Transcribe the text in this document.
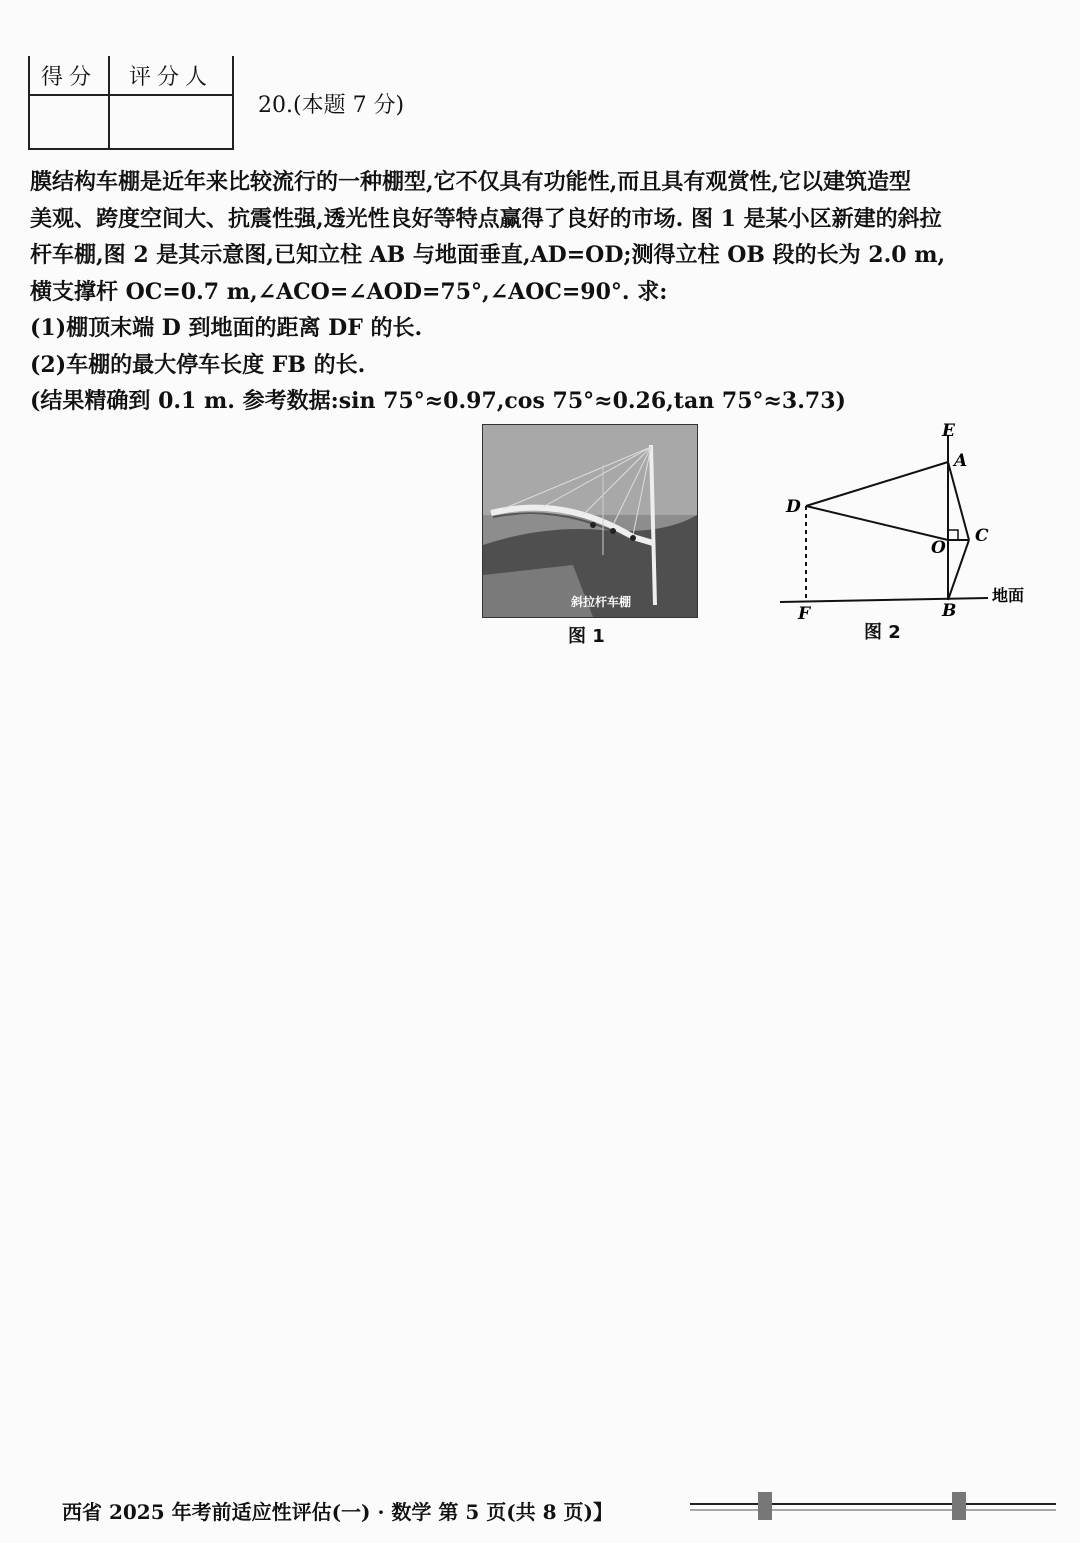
得分	评分人

20.(本题 7 分)

膜结构车棚是近年来比较流行的一种棚型,它不仅具有功能性,而且具有观赏性,它以建筑造型

美观、跨度空间大、抗震性强,透光性良好等特点赢得了良好的市场. 图 1 是某小区新建的斜拉

杆车棚,图 2 是其示意图,已知立柱 AB 与地面垂直,AD=OD;测得立柱 OB 段的长为 2.0 m,

横支撑杆 OC=0.7 m,∠ACO=∠AOD=75°,∠AOC=90°. 求:

(1)棚顶末端 D 到地面的距离 DF 的长.

(2)车棚的最大停车长度 FB 的长.

(结果精确到 0.1 m. 参考数据:sin 75°≈0.97,cos 75°≈0.26,tan 75°≈3.73)

斜拉杆车棚
图 1
E
A
D
O
C
B
F
地面
图 2
西省 2025 年考前适应性评估(一) · 数学 第 5 页(共 8 页)】
